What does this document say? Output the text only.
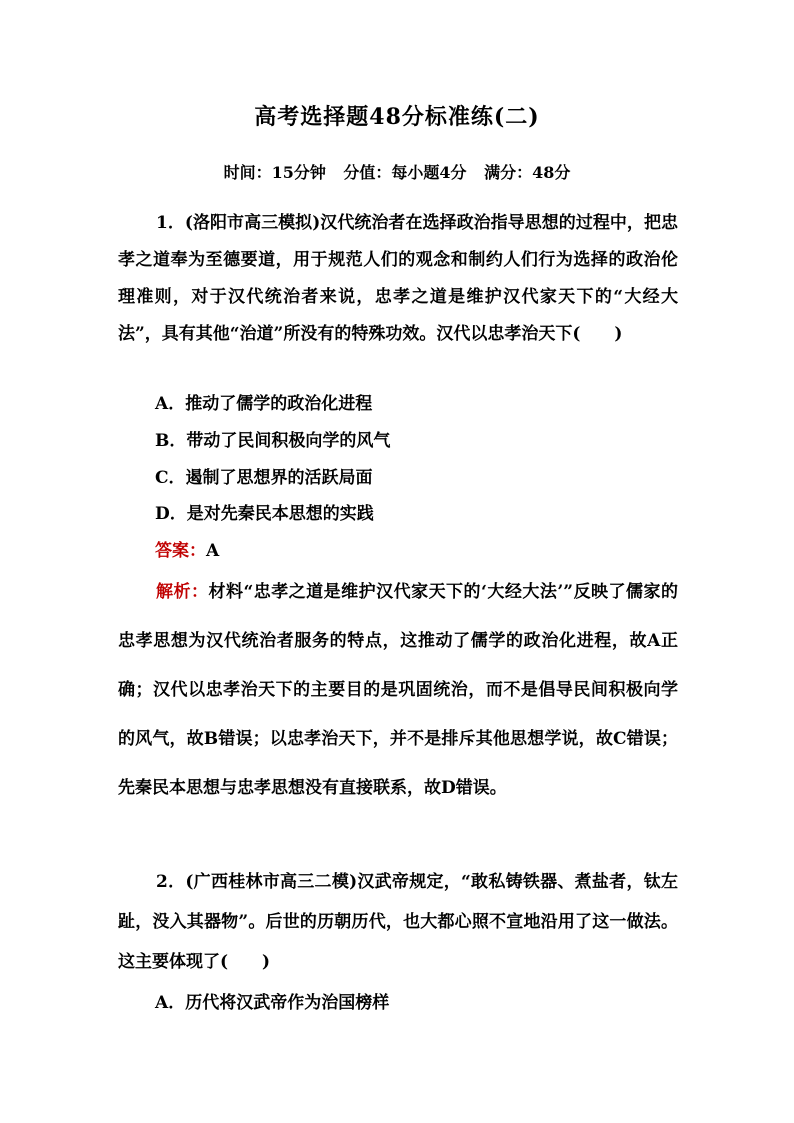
高考选择题48分标准练(二)
时间：15分钟 分值：每小题4分 满分：48分
1．(洛阳市高三模拟)汉代统治者在选择政治指导思想的过程中，把忠孝之道奉为至德要道，用于规范人们的观念和制约人们行为选择的政治伦理准则，对于汉代统治者来说，忠孝之道是维护汉代家天下的“大经大法”，具有其他“治道”所没有的特殊功效。汉代以忠孝治天下(　　)
A．推动了儒学的政治化进程
B．带动了民间积极向学的风气
C．遏制了思想界的活跃局面
D．是对先秦民本思想的实践
答案：A
解析：材料“忠孝之道是维护汉代家天下的‘大经大法’”反映了儒家的忠孝思想为汉代统治者服务的特点，这推动了儒学的政治化进程，故A正确；汉代以忠孝治天下的主要目的是巩固统治，而不是倡导民间积极向学的风气，故B错误；以忠孝治天下，并不是排斥其他思想学说，故C错误；先秦民本思想与忠孝思想没有直接联系，故D错误。
2．(广西桂林市高三二模)汉武帝规定，“敢私铸铁器、煮盐者，钛左趾，没入其器物”。后世的历朝历代，也大都心照不宣地沿用了这一做法。这主要体现了(　　)
A．历代将汉武帝作为治国榜样
